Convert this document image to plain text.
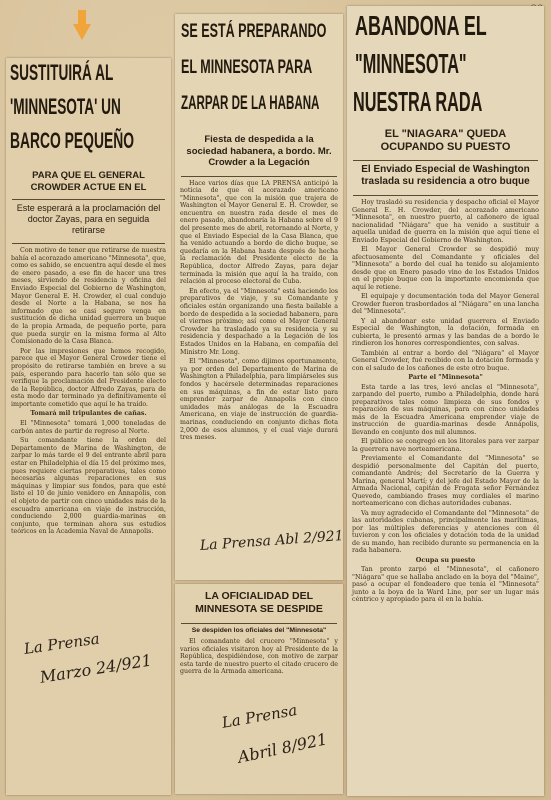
SUSTITUIRÁ AL
'MINNESOTA' UN
BARCO PEQUEÑO
PARA QUE EL GENERAL CROWDER ACTUE EN EL
Este esperará a la proclamación del doctor Zayas, para en seguida retirarse

Con motivo de tener que retirarse de nuestra bahía el acorazado americano "Minnesota", que, como es sabido, se encuentra aquí desde el mes de enero pasado, a ese fin de hacer una tres meses, sirviendo de residencia y oficina del Enviado Especial del Gobierno de Washington, Mayor General E. H. Crowder, el cual condujo desde el Norte a la Habana, se nos ha informado que se casi seguro venga en sustitución de dicha unidad guerrera un buque de la propia Armada, de pequeño porte, para que pueda surgir en la misma forma al Alto Comisionado de la Casa Blanca.

Por las impresiones que hemos recogido, parece que el Mayor General Crowder tiene el propósito de retirarse también en breve a su país, esperando para hacerlo tan sólo que se verifique la proclamación del Presidente electo de la República, doctor Alfredo Zayas, para de esta modo dar terminado ya definitivamente el importante cometido que aquí le ha traído.

Tomará mil tripulantes de cañas.

El "Minnesota" tomará 1,000 toneladas de carbón antes de partir de regreso al Norte.

Su comandante tiene la orden del Departamento de Marina de Washington, de zarpar lo más tarde el 9 del entrante abril para estar en Philadelphia el día 15 del próximo mes, pues requiere ciertas preparativas, tales como necesarias algunas reparaciones en sus máquinas y limpiar sus fondos, para que esté listo el 10 de junio venidero en Annapolis, con el objeto de partir con cinco unidades más de la escuadra americana en viaje de instrucción, conduciendo 2,000 guardia-marinas en conjunto, que terminan ahora sus estudios teóricos en la Academia Naval de Annapolis.

La Prensa
Marzo 24/921
SE ESTÁ PREPARANDO
EL MINNESOTA PARA
ZARPAR DE LA HABANA
Fiesta de despedida a la sociedad habanera, a bordo. Mr. Crowder a la Legación

Hace varios días que LA PRENSA anticipó la noticia de que el acorazado americano "Minnesota", que con la misión que trajera de Washington el Mayor General E. H. Crowder, se encuentra en nuestra rada desde el mes de enero pasado, abandonaría la Habana sobre el 9 del presente mes de abril, retornando al Norte, y que el Enviado Especial de la Casa Blanca, que ha venido actuando a bordo de dicho buque, se quedaría en la Habana hasta después de hecha la reclamación del Presidente electo de la República, doctor Alfredo Zayas, para dejar terminada la misión que aquí la ha traído, con relación al proceso electoral de Cuba.

En efecto, ya el "Minnesota" está haciendo los preparativos de viaje, y su Comandante y oficiales están organizando una fiesta bailable a bordo de despedida a la sociedad habanera, para el viernes próximo; así como el Mayor General Crowder ha trasladado ya su residencia y su residencia y despachado a la Legación de los Estados Unidos en la Habana, en compañía del Ministro Mr. Long.

El "Minnesota", como dijimos oportunamente, ya por orden del Departamento de Marina de Washington a Philadelphia, para limpiárseles sus fondos y hacérsele determinadas reparaciones en sus máquinas, a fin de estar listo para emprender zarpar de Annapolis con cinco unidades más análogas de la Escuadra Americana, en viaje de instrucción de guardia-marinas, conduciendo en conjunto dichas flota 2,000 de esos alumnos, y el cual viaje durará tres meses.

La Prensa Abl 2/921
LA OFICIALIDAD DEL MINNESOTA SE DESPIDE
Se despiden los oficiales del "Minnesota"

El comandante del crucero "Minnesota" y varios oficiales visitaron hoy al Presidente de la República, despidiéndose, con motivo de zarpar esta tarde de nuestro puerto el citado crucero de guerra de la Armada americana.

La Prensa
Abril 8/921
ABANDONA EL
"MINNESOTA"
NUESTRA RADA
EL "NIAGARA" QUEDA OCUPANDO SU PUESTO
El Enviado Especial de Washington traslada su residencia a otro buque

Hoy trasladó su residencia y despacho oficial el Mayor General E. H. Crowder, del acorazado americano "Minnesota", en nuestro puerto, al cañonero de igual nacionalidad "Niágara" que ha venido a sustituir a aquella unidad de guerra en la misión que aquí tiene el Enviado Especial del Gobierno de Washington.

El Mayor General Crowder se despidió muy afectuosamente del Comandante y oficiales del "Minnesota" a bordo del cual ha tenido su alojamiento desde que en Enero pasado vino de los Estados Unidos en el propio buque con la importante encomienda que aquí le retiene.

El equipaje y documentación toda del Mayor General Crowder fueron trasbordados al "Niágara" en una lancha del "Minnesota".

Y al abandonar este unidad guerrera el Enviado Especial de Washington, la dotación, formada en cubierta, le presentó armas y las bandas de a bordo le rindieron los honores correspondientes, con salvas.

También al entrar a bordo del "Niágara" el Mayor General Crowder, fué recibido con la dotación formada y con el saludo de los cañones de este otro buque.

Parte el "Minnesota"

Esta tarde a las tres, levó anclas el "Minnesota", zarpando del puerto, rumbo a Philadelphia, donde hará preparativos tales como limpieza de sus fondos y reparación de sus máquinas, para con cinco unidades más de la Escuadra Americana emprender viaje de instrucción de guardia-marinas desde Annápolis, llevando en conjunto dos mil alumnos.

El público se congregó en los litorales para ver zarpar la guerrera nave norteamericana.

Previamente el Comandante del "Minnesota" se despidió personalmente del Capitán del puerto, comandante Andrés; del Secretario de la Guerra y Marina, general Martí; y del jefe del Estado Mayor de la Armada Nacional, capitán de Fragata señor Fernández Quevedo, cambiando frases muy cordiales el marino norteamericano con dichas autoridades cubanas.

Va muy agradecido el Comandante del "Minnesota" de las autoridades cubanas, principalmente las marítimas, por las múltiples deferencias y atenciones con él tuvieron y con los oficiales y dotación toda de la unidad de su mando, han recibido durante su permanencia en la rada habanera.

Ocupa su puesto

Tan pronto zarpó el "Minnesota", el cañonero "Niágara" que se hallaba anclado en la boya del "Maine", pasó a ocupar el fondeadero que tenía el "Minnesota" junto a la boya de la Ward Line, por ser un lugar más céntrico y apropiado para él en la bahía.
